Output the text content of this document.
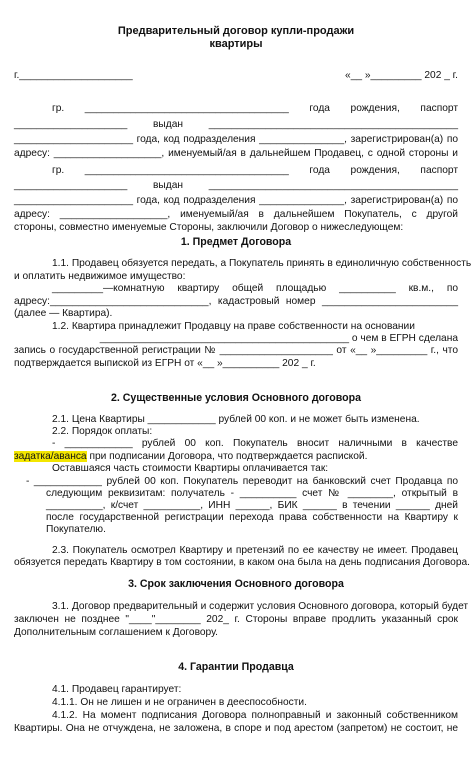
Предварительный договор купли-продажи
квартиры
г.____________________	«__ »_________ 202 _ г.
гр. ____________________________________ года рождения, паспорт
____________________ выдан ____________________________________________
_____________________ года, код подразделения _______________, зарегистрирован(а) по
адресу: ___________________, именуемый/ая в дальнейшем Продавец, с одной стороны и
гр. ____________________________________ года рождения, паспорт
____________________ выдан ____________________________________________
_____________________ года, код подразделения _______________, зарегистрирован(а) по
адресу: ___________________, именуемый/ая в дальнейшем Покупатель, с другой
стороны, совместно именуемые Стороны, заключили Договор о нижеследующем:
1. Предмет Договора
1.1. Продавец обязуется передать, а Покупатель принять в единоличную собственность
и оплатить недвижимое имущество:
_________—комнатную квартиру общей площадью __________ кв.м., по
адресу:____________________________, кадастровый номер ________________________
(далее — Квартира).
1.2. Квартира принадлежит Продавцу на праве собственности на основании
____________________________________________ о чем в ЕГРН сделана
запись о государственной регистрации № ____________________ от «__ »_________ г., что
подтверждается выпиской из ЕГРН от «__ »__________ 202 _ г.
2. Существенные условия Основного договора
2.1. Цена Квартиры ____________ рублей 00 коп. и не может быть изменена.
2.2. Порядок оплаты:
- ____________ рублей 00 коп. Покупатель вносит наличными в качестве
задатка/аванса при подписании Договора, что подтверждается распиской.
Оставшаяся часть стоимости Квартиры оплачивается так:
- ____________ рублей 00 коп. Покупатель переводит на банковский счет Продавца по
следующим реквизитам: получатель - __________ счет № ________, открытый в
__________, к/счет __________, ИНН ______, БИК ______ в течении ______ дней
после государственной регистрации перехода права собственности на Квартиру к
Покупателю.
2.3. Покупатель осмотрел Квартиру и претензий по ее качеству не имеет. Продавец
обязуется передать Квартиру в том состоянии, в каком она была на день подписания Договора.
3. Срок заключения Основного договора
3.1. Договор предварительный и содержит условия Основного договора, который будет
заключен не позднее "____"________ 202_ г. Стороны вправе продлить указанный срок
Дополнительным соглашением к Договору.
4. Гарантии Продавца
4.1. Продавец гарантирует:
4.1.1. Он не лишен и не ограничен в дееспособности.
4.1.2. На момент подписания Договора полноправный и законный собственником
Квартиры. Она не отчуждена, не заложена, в споре и под арестом (запретом) не состоит, не
